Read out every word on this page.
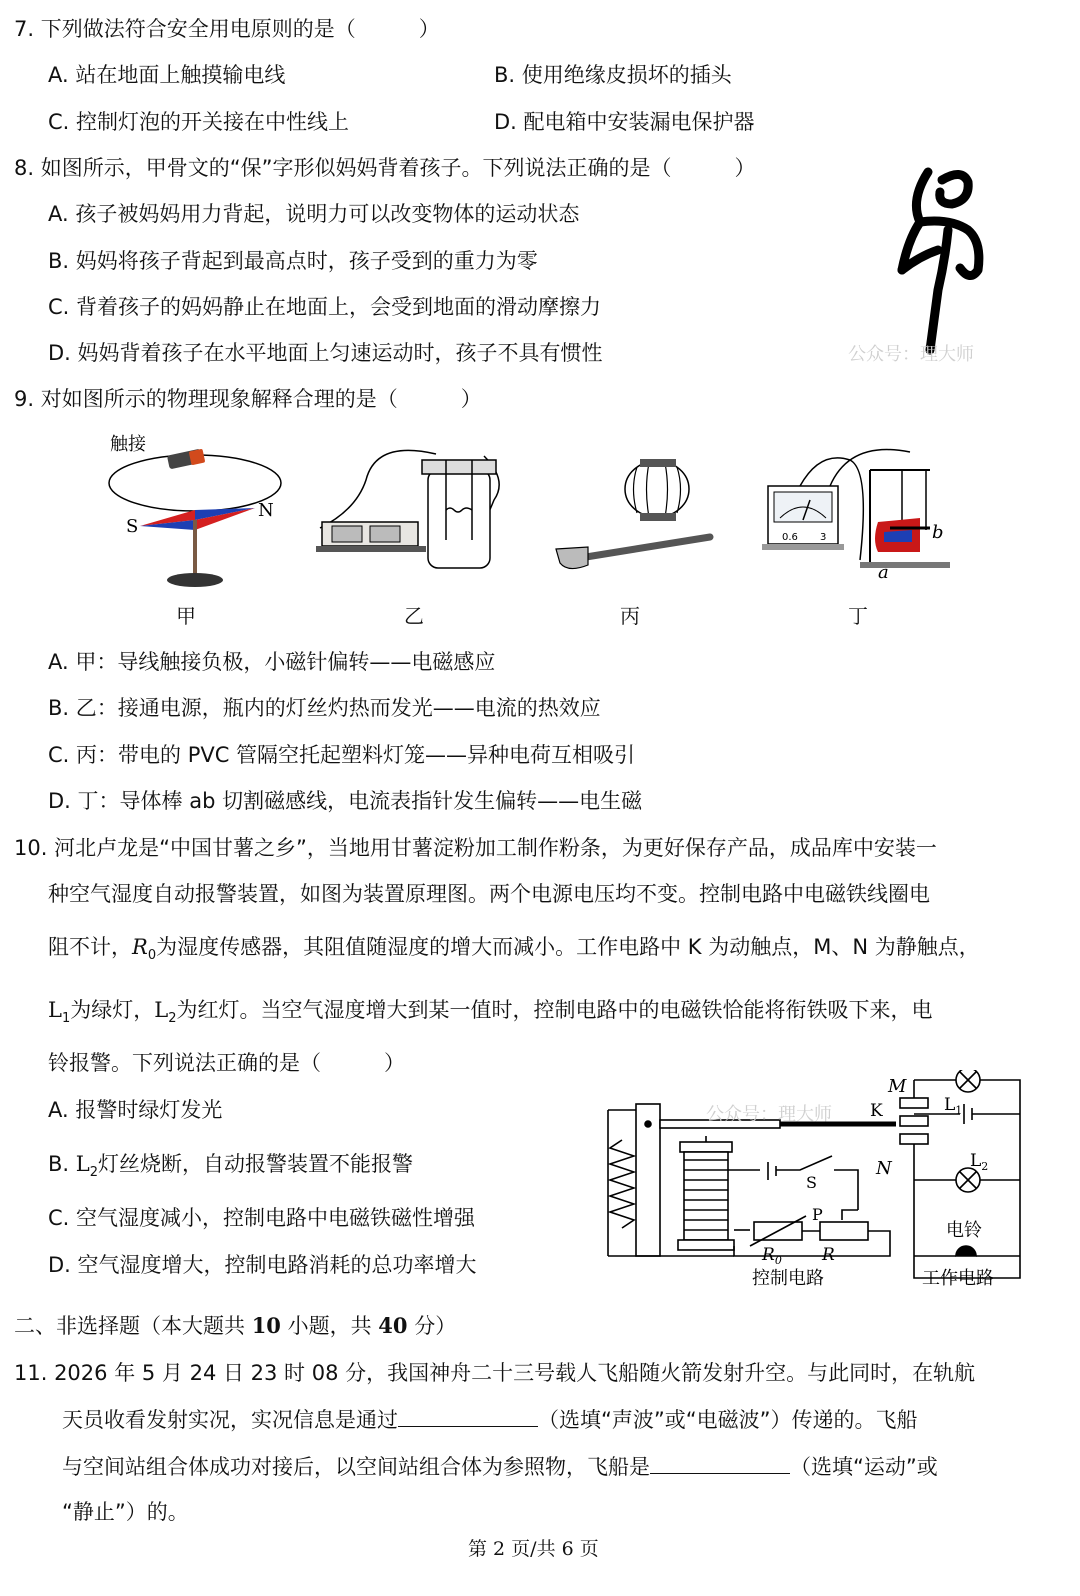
7. 下列做法符合安全用电原则的是（　　　）
A. 站在地面上触摸输电线	B. 使用绝缘皮损坏的插头
C. 控制灯泡的开关接在中性线上	D. 配电箱中安装漏电保护器
8. 如图所示，甲骨文的“保”字形似妈妈背着孩子。下列说法正确的是（　　　）
A. 孩子被妈妈用力背起，说明力可以改变物体的运动状态
B. 妈妈将孩子背起到最高点时，孩子受到的重力为零
C. 背着孩子的妈妈静止在地面上，会受到地面的滑动摩擦力
D. 妈妈背着孩子在水平地面上匀速运动时，孩子不具有惯性	公众号：理大师
9. 对如图所示的物理现象解释合理的是（　　　）
触接
S
N
0.6 3	b
a
甲	乙	丙	丁
A. 甲：导线触接负极，小磁针偏转——电磁感应
B. 乙：接通电源，瓶内的灯丝灼热而发光——电流的热效应
C. 丙：带电的 PVC 管隔空托起塑料灯笼——异种电荷互相吸引
D. 丁：导体棒 ab 切割磁感线，电流表指针发生偏转——电生磁
10. 河北卢龙是“中国甘薯之乡”，当地用甘薯淀粉加工制作粉条，为更好保存产品，成品库中安装一
种空气湿度自动报警装置，如图为装置原理图。两个电源电压均不变。控制电路中电磁铁线圈电
阻不计，$R_0$为湿度传感器，其阻值随湿度的增大而减小。工作电路中 K 为动触点，M、N 为静触点，
$L_1$为绿灯，$L_2$为红灯。当空气湿度增大到某一值时，控制电路中的电磁铁恰能将衔铁吸下来，电
铃报警。下列说法正确的是（　　　）
A. 报警时绿灯发光
B. $L_2$灯丝烧断，自动报警装置不能报警
C. 空气湿度减小，控制电路中电磁铁磁性增强
D. 空气湿度增大，控制电路消耗的总功率增大
M
K
N
$L_1$
$L_2$
S
P
$R_0$ R
电铃
控制电路	工作电路
公众号：理大师
二、非选择题（本大题共 10 小题，共 40 分）
11. 2026 年 5 月 24 日 23 时 08 分，我国神舟二十三号载人飞船随火箭发射升空。与此同时，在轨航
天员收看发射实况，实况信息是通过	（选填“声波”或“电磁波”）传递的。飞船
与空间站组合体成功对接后，以空间站组合体为参照物，飞船是	（选填“运动”或
“静止”）的。
第 2 页/共 6 页
